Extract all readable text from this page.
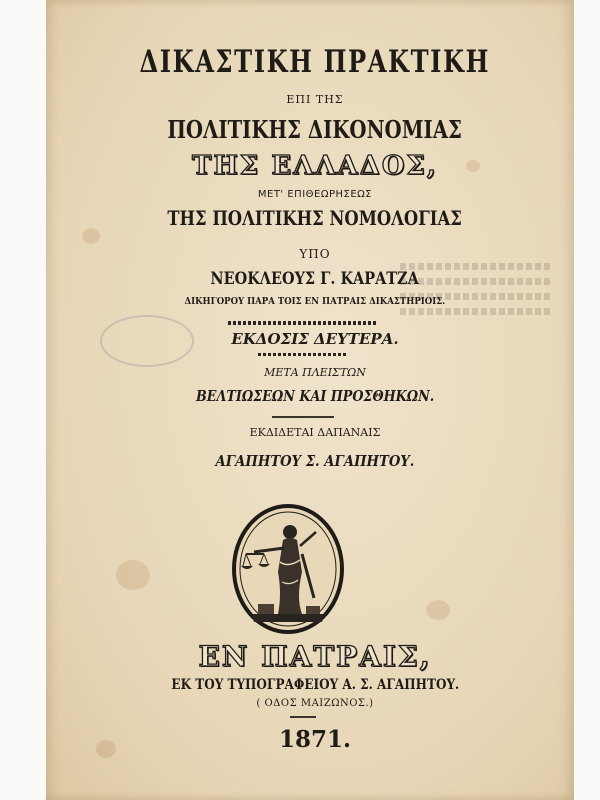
ΔΙΚΑΣΤΙΚΗ ΠΡΑΚΤΙΚΗ
ΕΠΙ ΤΗΣ
ΠΟΛΙΤΙΚΗΣ ΔΙΚΟΝΟΜΙΑΣ
ΤΗΣ ΕΛΛΑΔΟΣ,
ΜΕΤ' ΕΠΙΘΕΩΡΗΣΕΩΣ
ΤΗΣ ΠΟΛΙΤΙΚΗΣ ΝΟΜΟΛΟΓΙΑΣ
ΥΠΟ
ΝΕΟΚΛΕΟΥΣ Γ. ΚΑΡΑΤΖΑ
ΔΙΚΗΓΟΡΟΥ ΠΑΡΑ ΤΟΙΣ ΕΝ ΠΑΤΡΑΙΣ ΔΙΚΑΣΤΗΡΙΟΙΣ.
ΕΚΔΟΣΙΣ ΔΕΥΤΕΡΑ.
ΜΕΤΑ ΠΛΕΙΣΤΩΝ
ΒΕΛΤΙΩΣΕΩΝ ΚΑΙ ΠΡΟΣΘΗΚΩΝ.
ΕΚΔΙΔΕΤΑΙ ΔΑΠΑΝΑΙΣ
ΑΓΑΠΗΤΟΥ Σ. ΑΓΑΠΗΤΟΥ.
ΕΝ ΠΑΤΡΑΙΣ,
ΕΚ ΤΟΥ ΤΥΠΟΓΡΑΦΕΙΟΥ Α. Σ. ΑΓΑΠΗΤΟΥ.
( ΟΔΟΣ ΜΑΙΖΩΝΟΣ.)
1871.
